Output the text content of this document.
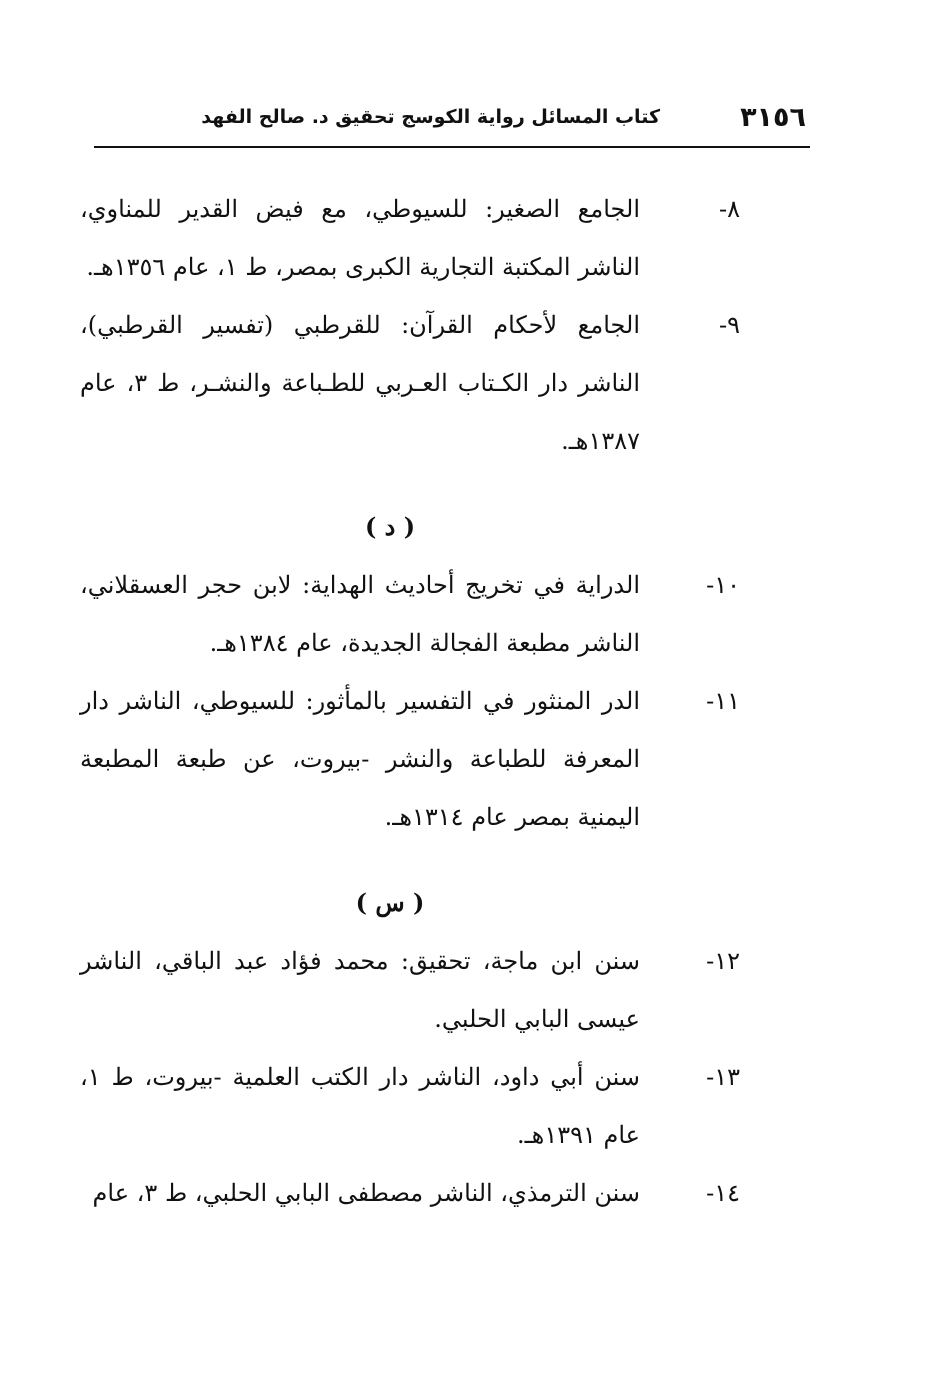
٣١٥٦
كتاب المسائل رواية الكوسج تحقيق د. صالح الفهد
٨-
الجامع الصغير: للسيوطي، مع فيض القدير للمناوي، الناشر المكتبة التجارية الكبرى بمصر، ط ١، عام ١٣٥٦هـ.
٩-
الجامع لأحكام القرآن: للقرطبي (تفسير القرطبي)، الناشر دار الكـتاب العـربي للطـباعة والنشـر، ط ٣، عام ١٣٨٧هـ.
( د )
١٠-
الدراية في تخريج أحاديث الهداية: لابن حجر العسقلاني، الناشر مطبعة الفجالة الجديدة، عام ١٣٨٤هـ.
١١-
الدر المنثور في التفسير بالمأثور: للسيوطي، الناشر دار المعرفة للطباعة والنشر -بيروت، عن طبعة المطبعة اليمنية بمصر عام ١٣١٤هـ.
( س )
١٢-
سنن ابن ماجة، تحقيق: محمد فؤاد عبد الباقي، الناشر عيسى البابي الحلبي.
١٣-
سنن أبي داود، الناشر دار الكتب العلمية -بيروت، ط ١، عام ١٣٩١هـ.
١٤-
سنن الترمذي، الناشر مصطفى البابي الحلبي، ط ٣، عام
